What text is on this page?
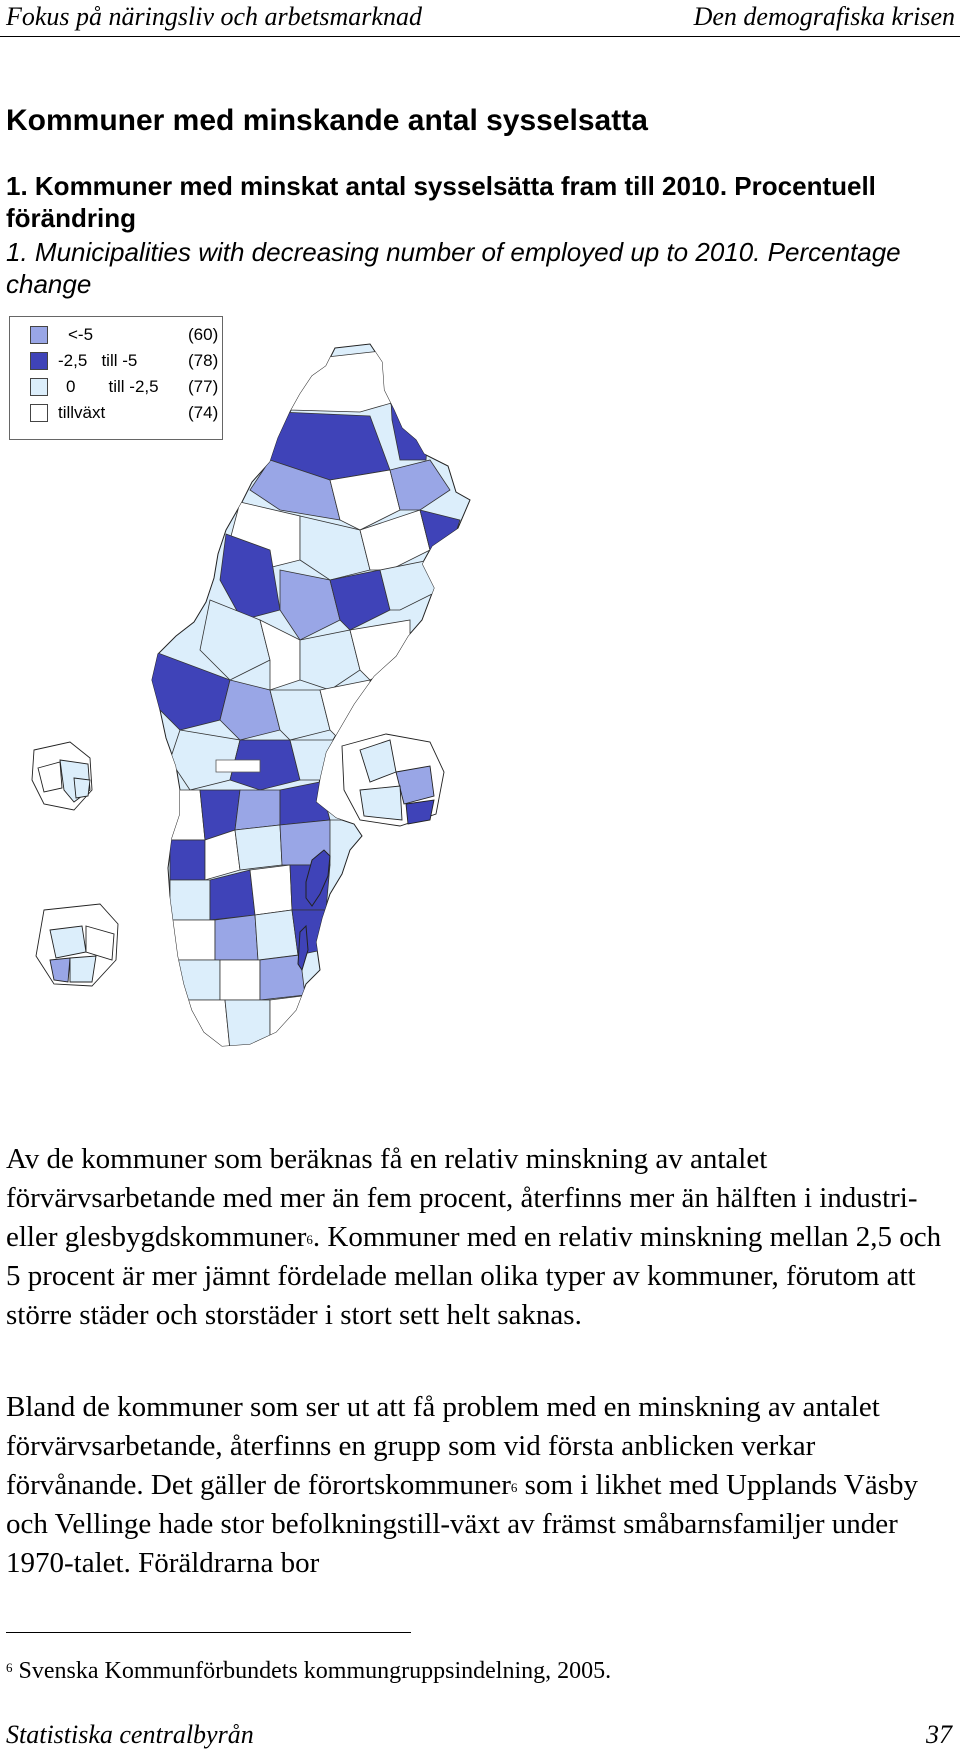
Fokus på näringsliv och arbetsmarknad	Den demografiska krisen
Kommuner med minskande antal sysselsatta
1. Kommuner med minskat antal sysselsätta fram till 2010. Procentuell förändring
1. Municipalities with decreasing number of employed up to 2010. Percentage change
<-5	(60)
-2,5   till -5	(78)
0       till -2,5 (77)
tillväxt	(74)
Av de kommuner som beräknas få en relativ minskning av antalet förvärvsarbetande med mer än fem procent, återfinns mer än hälften i industri- eller glesbygdskommuner$^6$. Kommuner med en relativ minskning mellan 2,5 och 5 procent är mer jämnt fördelade mellan olika typer av kommuner, förutom att större städer och storstäder i stort sett helt saknas.
Bland de kommuner som ser ut att få problem med en minskning av antalet förvärvsarbetande, återfinns en grupp som vid första anblicken verkar förvånande. Det gäller de förortskommuner$^6$ som i likhet med Upplands Väsby och Vellinge hade stor befolkningstill-växt av främst småbarnsfamiljer under 1970-talet. Föräldrarna bor
$^6$ Svenska Kommunförbundets kommungruppsindelning, 2005.
Statistiska centralbyrån	37
